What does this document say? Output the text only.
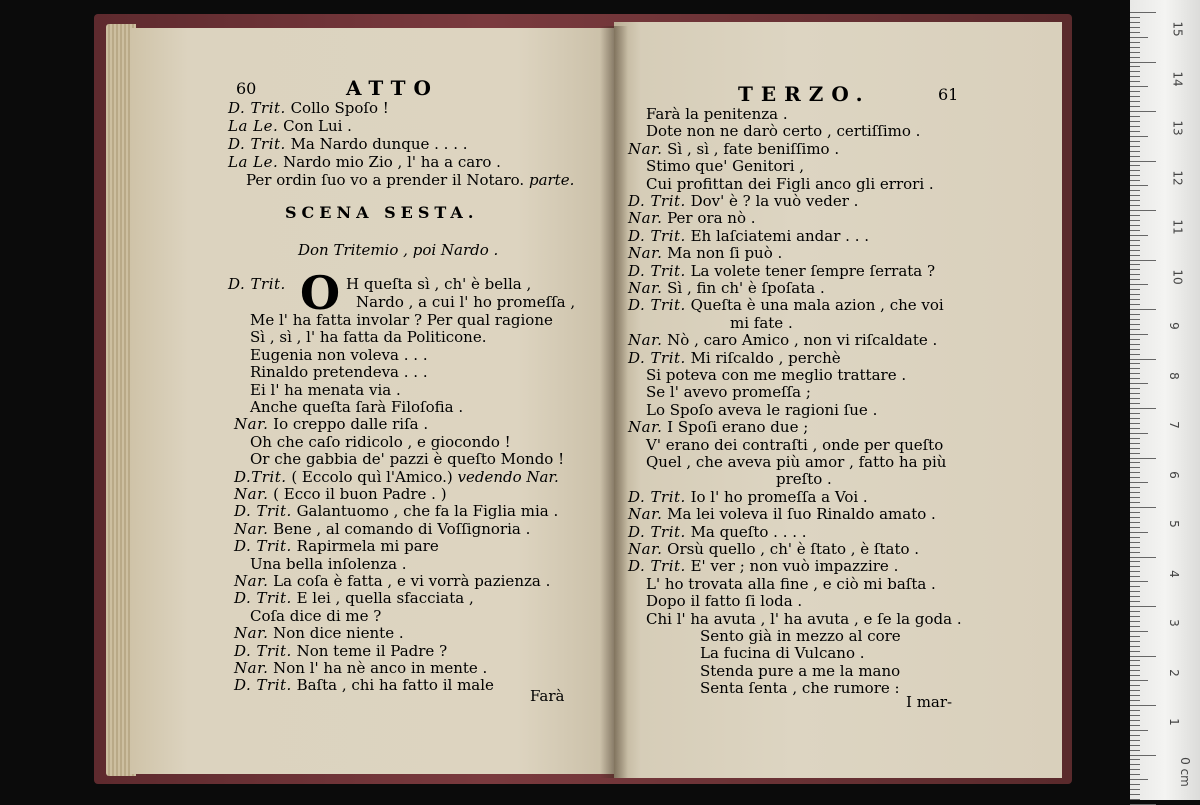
60	ATTO
D. Trit. Collo Spoſo !
La Le. Con Lui .
D. Trit. Ma Nardo dunque . . . .
La Le. Nardo mio Zio , l' ha a caro .
Per ordin ſuo vo a prender il Notaro. parte.
SCENA SESTA.
Don Tritemio , poi Nardo .
D. Trit. O H queſta sì , ch' è bella ,
Nardo , a cui l' ho promeſſa ,
Me l' ha fatta involar ? Per qual ragione
Sì , sì , l' ha fatta da Politicone.
Eugenia non voleva . . .
Rinaldo pretendeva . . .
Ei l' ha menata via .
Anche queſta ſarà Filoſofia .
Nar. Io creppo dalle riſa .
Oh che caſo ridicolo , e giocondo !
Or che gabbia de' pazzi è queſto Mondo !
D.Trit. ( Eccolo quì l'Amico.) vedendo Nar.
Nar. ( Ecco il buon Padre . )
D. Trit. Galantuomo , che fa la Figlia mia .
Nar. Bene , al comando di Voſſignoria .
D. Trit. Rapirmela mi pare
Una bella inſolenza .
Nar. La coſa è fatta , e vi vorrà pazienza .
D. Trit. E lei , quella sfacciata ,
Coſa dice di me ?
Nar. Non dice niente .
D. Trit. Non teme il Padre ?
Nar. Non l' ha nè anco in mente .
D. Trit. Baſta , chi ha fatto il male
Farà
TERZO.	61
Farà la penitenza .
Dote non ne darò certo , certiſſimo .
Nar. Sì , sì , fate beniſſimo .
Stimo que' Genitori ,
Cui profittan dei Figli anco gli errori .
D. Trit. Dov' è ? la vuò veder .
Nar. Per ora nò .
D. Trit. Eh laſciatemi andar . . .
Nar. Ma non ſi può .
D. Trit. La volete tener ſempre ſerrata ?
Nar. Sì , fin ch' è ſpoſata .
D. Trit. Queſta è una mala azion , che voi
mi fate .
Nar. Nò , caro Amico , non vi riſcaldate .
D. Trit. Mi riſcaldo , perchè
Si poteva con me meglio trattare .
Se l' avevo promeſſa ;
Lo Spoſo aveva le ragioni ſue .
Nar. I Spoſi erano due ;
V' erano dei contraſti , onde per queſto
Quel , che aveva più amor , fatto ha più
preſto .
D. Trit. Io l' ho promeſſa a Voi .
Nar. Ma lei voleva il ſuo Rinaldo amato .
D. Trit. Ma queſto . . . .
Nar. Orsù quello , ch' è ſtato , è ſtato .
D. Trit. E' ver ; non vuò impazzire .
L' ho trovata alla fine , e ciò mi baſta .
Dopo il fatto ſi loda .
Chi l' ha avuta , l' ha avuta , e ſe la goda .
Sento già in mezzo al core
La fucina di Vulcano .
Stenda pure a me la mano
Senta ſenta , che rumore :
I mar-
15
14
13
12
11
10
9
8
7
6
5
4
3
2
1
0 cm
